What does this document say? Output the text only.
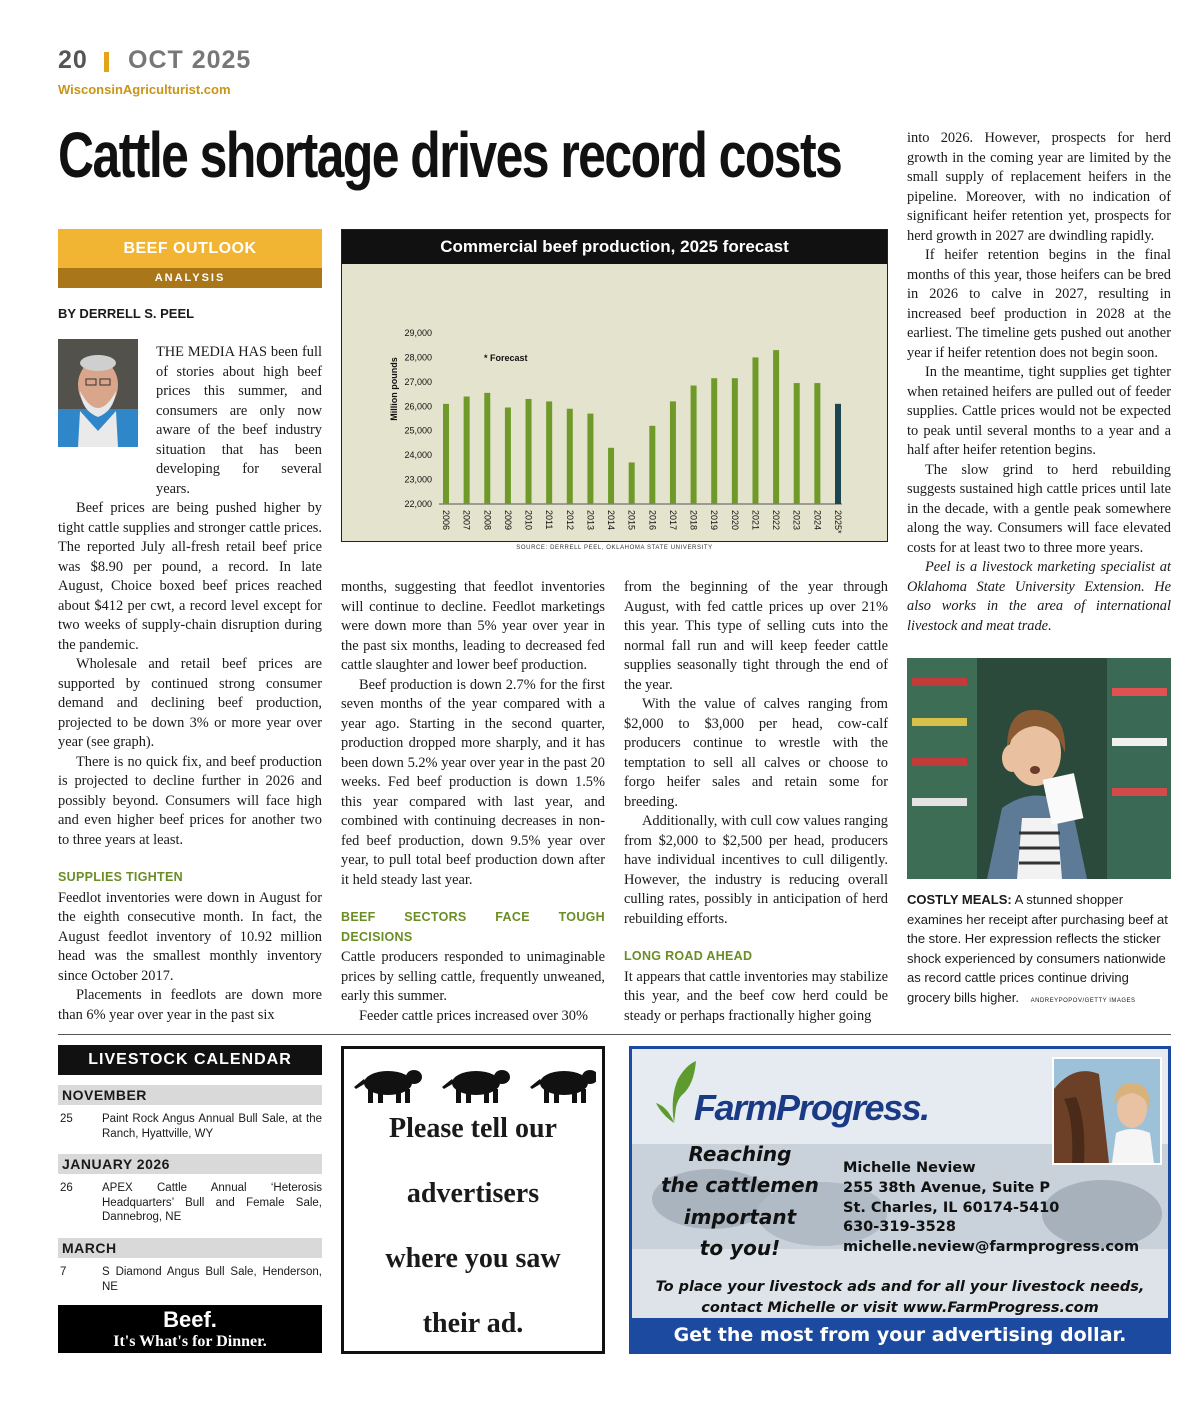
20 OCT 2025
WisconsinAgriculturist.com
Cattle shortage drives record costs
BEEF OUTLOOK
ANALYSIS
BY DERRELL S. PEEL

THE MEDIA HAS been full of stories about high beef prices this summer, and consumers are only now aware of the beef industry situation that has been developing for several years.

Beef prices are being pushed higher by tight cattle supplies and stronger cattle prices. The reported July all-fresh retail beef price was $8.90 per pound, a record. In late August, Choice boxed beef prices reached about $412 per cwt, a record level except for two weeks of supply-chain disruption during the pandemic.

Wholesale and retail beef prices are supported by continued strong consumer demand and declining beef production, projected to be down 3% or more year over year (see graph).

There is no quick fix, and beef production is projected to decline further in 2026 and possibly beyond. Consumers will face high and even higher beef prices for another two to three years at least.

SUPPLIES TIGHTEN

Feedlot inventories were down in August for the eighth consecutive month. In fact, the August feedlot inventory of 10.92 million head was the smallest monthly inventory since October 2017.

Placements in feedlots are down more than 6% year over year in the past six

Commercial beef production, 2025 forecast
Million pounds	* Forecast
22,000
23,000
24,000
25,000
26,000
27,000
28,000
29,000
2006 2007 2008 2009 2010 2011 2012 2013 2014 2015 2016 2017 2018 2019 2020 2021 2022 2023 2024 2025*
SOURCE: DERRELL PEEL, OKLAHOMA STATE UNIVERSITY

months, suggesting that feedlot inventories will continue to decline. Feedlot marketings were down more than 5% year over year in the past six months, leading to decreased fed cattle slaughter and lower beef production.

Beef production is down 2.7% for the first seven months of the year compared with a year ago. Starting in the second quarter, production dropped more sharply, and it has been down 5.2% year over year in the past 20 weeks. Fed beef production is down 1.5% this year compared with last year, and combined with continuing decreases in non-fed beef production, down 9.5% year over year, to pull total beef production down after it held steady last year.

BEEF SECTORS FACE TOUGH DECISIONS

Cattle producers responded to unimaginable prices by selling cattle, frequently unweaned, early this summer.

Feeder cattle prices increased over 30%

from the beginning of the year through August, with fed cattle prices up over 21% this year. This type of selling cuts into the normal fall run and will keep feeder cattle supplies seasonally tight through the end of the year.

With the value of calves ranging from $2,000 to $3,000 per head, cow-calf producers continue to wrestle with the temptation to sell all calves or choose to forgo heifer sales and retain some for breeding.

Additionally, with cull cow values ranging from $2,000 to $2,500 per head, producers have individual incentives to cull diligently. However, the industry is reducing overall culling rates, possibly in anticipation of herd rebuilding efforts.

LONG ROAD AHEAD

It appears that cattle inventories may stabilize this year, and the beef cow herd could be steady or perhaps fractionally higher going

into 2026. However, prospects for herd growth in the coming year are limited by the small supply of replacement heifers in the pipeline. Moreover, with no indication of significant heifer retention yet, prospects for herd growth in 2027 are dwindling rapidly.

If heifer retention begins in the final months of this year, those heifers can be bred in 2026 to calve in 2027, resulting in increased beef production in 2028 at the earliest. The timeline gets pushed out another year if heifer retention does not begin soon.

In the meantime, tight supplies get tighter when retained heifers are pulled out of feeder supplies. Cattle prices would not be expected to peak until several months to a year and a half after heifer retention begins.

The slow grind to herd rebuilding suggests sustained high cattle prices until late in the decade, with a gentle peak somewhere along the way. Consumers will face elevated costs for at least two to three more years.

Peel is a livestock marketing specialist at Oklahoma State University Extension. He also works in the area of international livestock and meat trade.

COSTLY MEALS: A stunned shopper examines her receipt after purchasing beef at the store. Her expression reflects the sticker shock experienced by consumers nationwide as record cattle prices continue driving grocery bills higher. ANDREYPOPOV/GETTY IMAGES
LIVESTOCK CALENDAR
NOVEMBER
25	Paint Rock Angus Annual Bull Sale, at the Ranch, Hyattville, WY
JANUARY 2026
26	APEX Cattle Annual ‘Heterosis Headquarters’ Bull and Female Sale, Dannebrog, NE
MARCH
7	S Diamond Angus Bull Sale, Henderson, NE
Beef.
It's What's for Dinner.
Please tell our
advertisers
where you saw
their ad.
FarmProgress.
Reaching
the cattlemen
important
to you!
Michelle Neview
255 38th Avenue, Suite P
St. Charles, IL 60174-5410
630-319-3528
michelle.neview@farmprogress.com
To place your livestock ads and for all your livestock needs,
contact Michelle or visit www.FarmProgress.com
Get the most from your advertising dollar.
